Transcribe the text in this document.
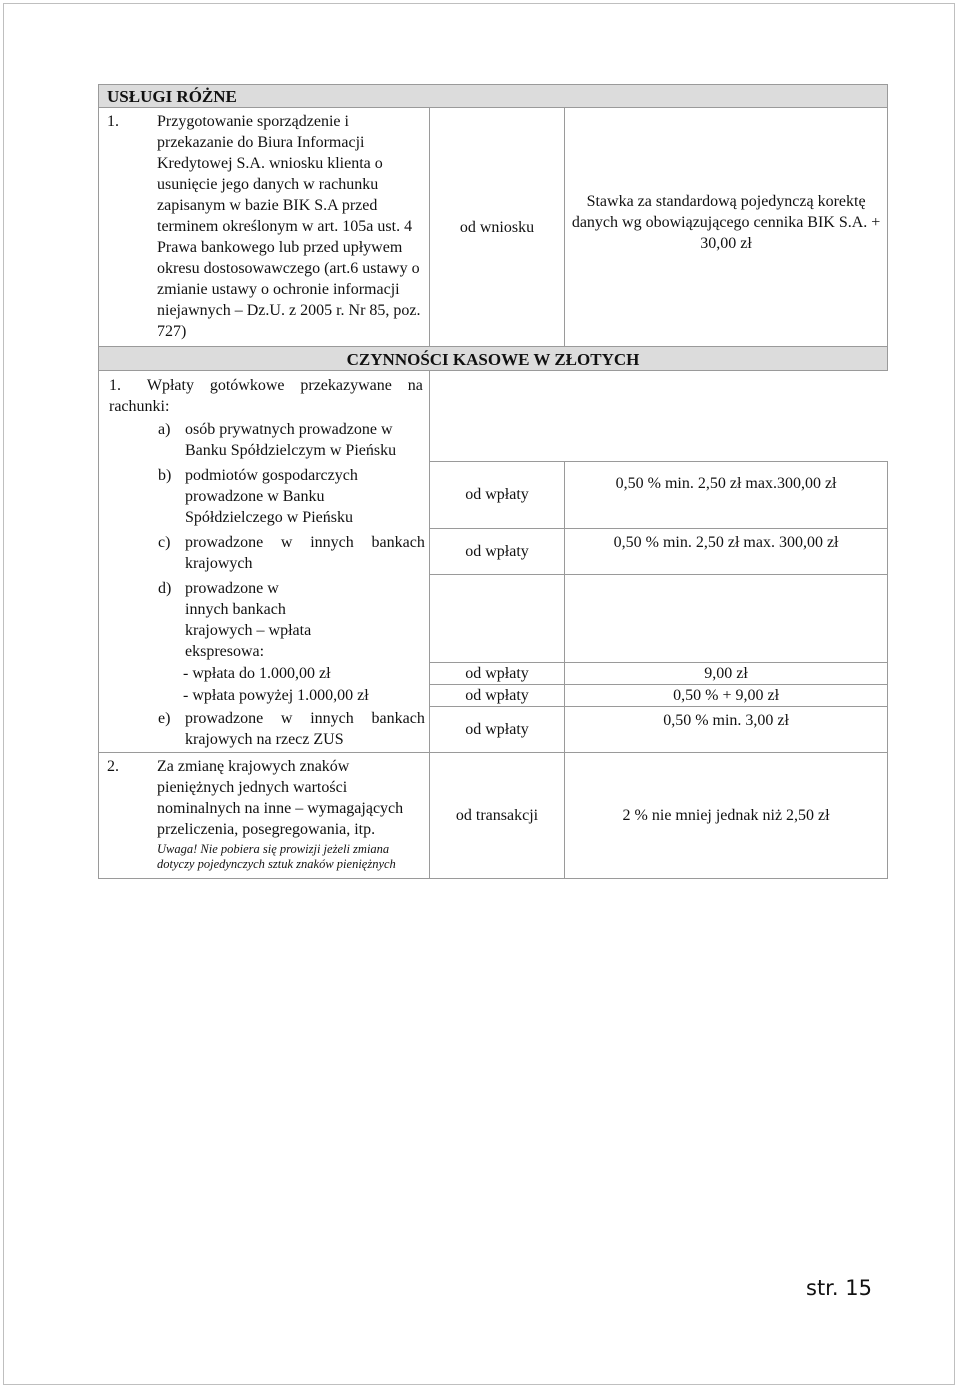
USŁUGI RÓŻNE		

1. Przygotowanie sporządzenie i przekazanie do Biura Informacji Kredytowej S.A. wniosku klienta o usunięcie jego danych w rachunku zapisanym w bazie BIK S.A przed terminem określonym w art. 105a ust. 4 Prawa bankowego lub przed upływem okresu dostosowawczego (art.6 ustawy o zmianie ustawy o ochronie informacji niejawnych – Dz.U. z 2005 r. Nr 85, poz. 727)	od wniosku	Stawka za standardową pojedynczą korektę danych wg obowiązującego cennika BIK S.A. + 30,00 zł
CZYNNOŚCI KASOWE W ZŁOTYCH		

1. Wpłaty gotówkowe przekazywane na rachunki:		

a) osób prywatnych prowadzone w Banku Spółdzielczym w Pieńsku		

b) podmiotów gospodarczych prowadzone w Banku Spółdzielczego w Pieńsku	od wpłaty	0,50 % min. 2,50 zł max.300,00 zł

c) prowadzone w innych bankach krajowych	od wpłaty	0,50 % min. 2,50 zł max. 300,00 zł

d) prowadzone w innych bankach krajowych – wpłata ekspresowa:		

- wpłata do 1.000,00 zł	od wpłaty	9,00 zł

- wpłata powyżej 1.000,00 zł	od wpłaty	0,50 % + 9,00 zł

e) prowadzone w innych bankach krajowych na rzecz ZUS	od wpłaty	0,50 % min. 3,00 zł

2. Za zmianę krajowych znaków pieniężnych jednych wartości nominalnych na inne – wymagających przeliczenia, posegregowania, itp.
Uwaga! Nie pobiera się prowizji jeżeli zmiana dotyczy pojedynczych sztuk znaków pieniężnych	od transakcji	2 % nie mniej jednak niż 2,50 zł
str. 15
